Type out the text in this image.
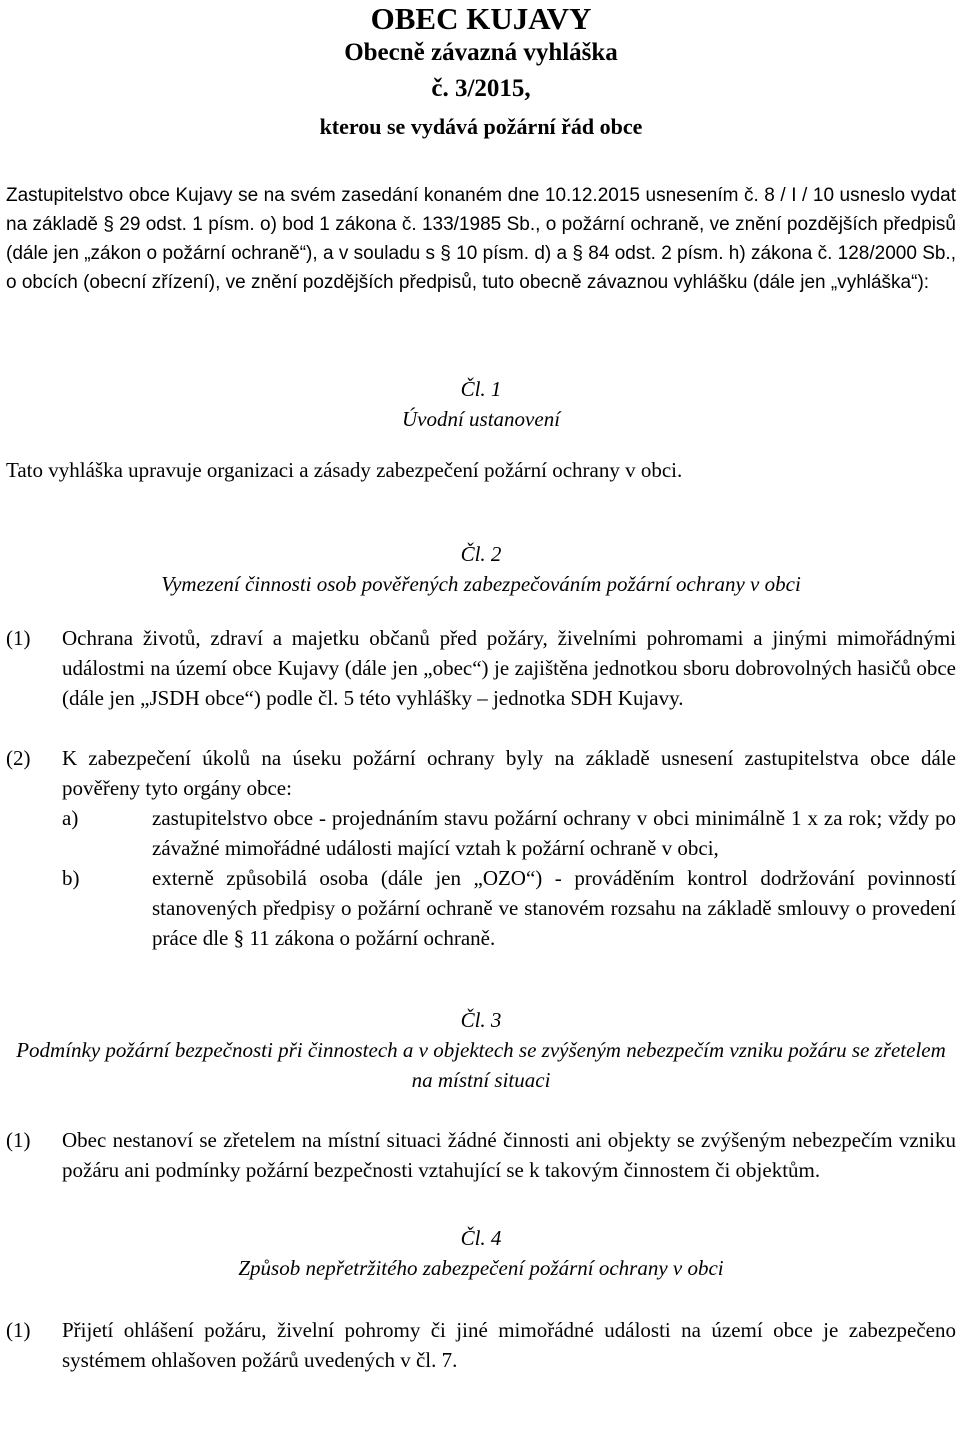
OBEC KUJAVY
Obecně závazná vyhláška
č. 3/2015,
kterou se vydává požární řád obce
Zastupitelstvo obce Kujavy se na svém zasedání konaném dne 10.12.2015 usnesením č. 8 / I / 10 usneslo vydat na základě § 29 odst. 1 písm. o) bod 1 zákona č. 133/1985 Sb., o požární ochraně, ve znění pozdějších předpisů (dále jen „zákon o požární ochraně“), a v souladu s § 10 písm. d) a § 84 odst. 2 písm. h) zákona č. 128/2000 Sb., o obcích (obecní zřízení), ve znění pozdějších předpisů, tuto obecně závaznou vyhlášku (dále jen „vyhláška“):
Čl. 1
Úvodní ustanovení
Tato vyhláška upravuje organizaci a zásady zabezpečení požární ochrany v obci.
Čl. 2
Vymezení činnosti osob pověřených zabezpečováním požární ochrany v obci
(1)	Ochrana životů, zdraví a majetku občanů před požáry, živelními pohromami a jinými mimořádnými událostmi na území obce Kujavy (dále jen „obec“) je zajištěna jednotkou sboru dobrovolných hasičů obce (dále jen „JSDH obce“) podle čl. 5 této vyhlášky – jednotka SDH Kujavy.
(2)	K zabezpečení úkolů na úseku požární ochrany byly na základě usnesení zastupitelstva obce dále pověřeny tyto orgány obce:
a)	zastupitelstvo obce - projednáním stavu požární ochrany v obci minimálně 1 x za rok; vždy po závažné mimořádné události mající vztah k požární ochraně v obci,
b)	externě způsobilá osoba (dále jen „OZO“) - prováděním kontrol dodržování povinností stanovených předpisy o požární ochraně ve stanovém rozsahu na základě smlouvy o provedení práce dle § 11 zákona o požární ochraně.
Čl. 3
Podmínky požární bezpečnosti při činnostech a v objektech se zvýšeným nebezpečím vzniku požáru se zřetelem na místní situaci
(1)	Obec nestanoví se zřetelem na místní situaci žádné činnosti ani objekty se zvýšeným nebezpečím vzniku požáru ani podmínky požární bezpečnosti vztahující se k takovým činnostem či objektům.
Čl. 4
Způsob nepřetržitého zabezpečení požární ochrany v obci
(1)	Přijetí ohlášení požáru, živelní pohromy či jiné mimořádné události na území obce je zabezpečeno systémem ohlašoven požárů uvedených v čl. 7.
